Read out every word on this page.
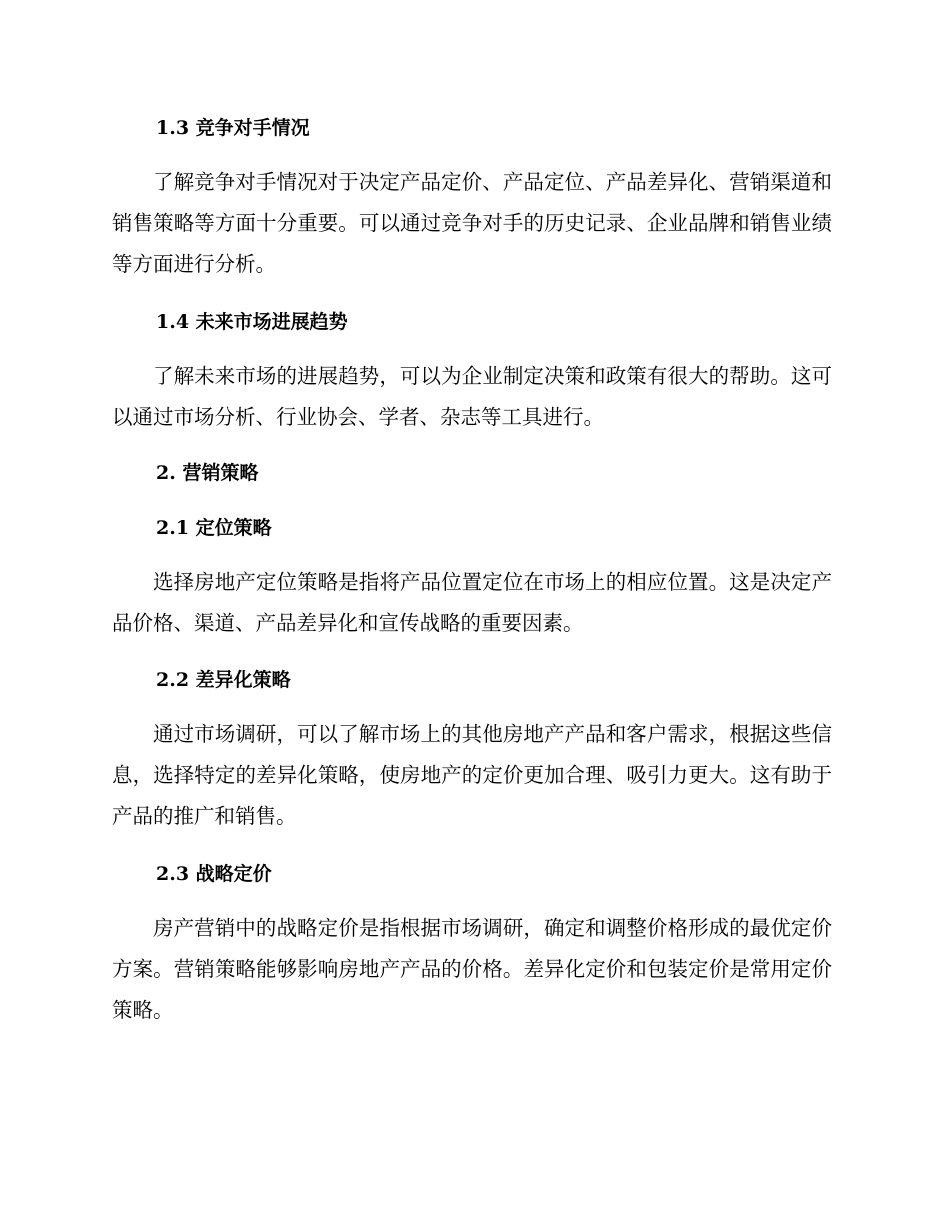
1.3 竞争对手情况

了解竞争对手情况对于决定产品定价、产品定位、产品差异化、营销渠道和销售策略等方面十分重要。可以通过竞争对手的历史记录、企业品牌和销售业绩等方面进行分析。

1.4 未来市场进展趋势

了解未来市场的进展趋势，可以为企业制定决策和政策有很大的帮助。这可以通过市场分析、行业协会、学者、杂志等工具进行。

2. 营销策略
2.1 定位策略

选择房地产定位策略是指将产品位置定位在市场上的相应位置。这是决定产品价格、渠道、产品差异化和宣传战略的重要因素。

2.2 差异化策略

通过市场调研，可以了解市场上的其他房地产产品和客户需求，根据这些信息，选择特定的差异化策略，使房地产的定价更加合理、吸引力更大。这有助于产品的推广和销售。

2.3 战略定价

房产营销中的战略定价是指根据市场调研，确定和调整价格形成的最优定价方案。营销策略能够影响房地产产品的价格。差异化定价和包装定价是常用定价策略。
